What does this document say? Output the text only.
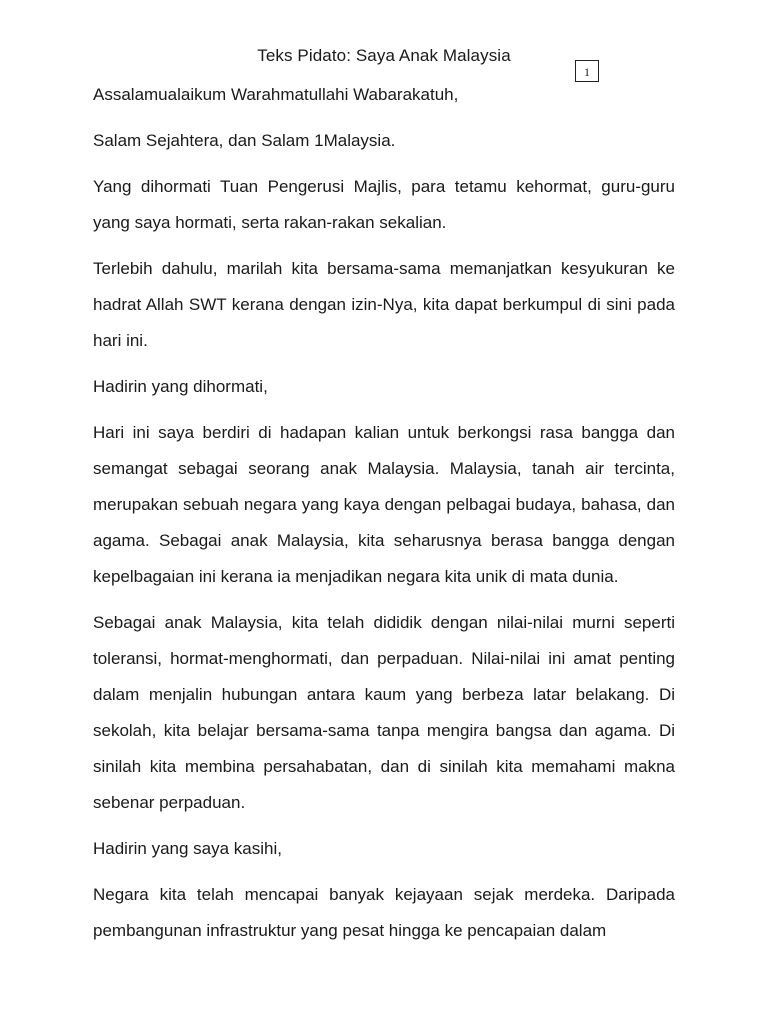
Teks Pidato: Saya Anak Malaysia
1

Assalamualaikum Warahmatullahi Wabarakatuh,

Salam Sejahtera, dan Salam 1Malaysia.

Yang dihormati Tuan Pengerusi Majlis, para tetamu kehormat, guru-guru yang saya hormati, serta rakan-rakan sekalian.

Terlebih dahulu, marilah kita bersama-sama memanjatkan kesyukuran ke hadrat Allah SWT kerana dengan izin-Nya, kita dapat berkumpul di sini pada hari ini.

Hadirin yang dihormati,

Hari ini saya berdiri di hadapan kalian untuk berkongsi rasa bangga dan semangat sebagai seorang anak Malaysia. Malaysia, tanah air tercinta, merupakan sebuah negara yang kaya dengan pelbagai budaya, bahasa, dan agama. Sebagai anak Malaysia, kita seharusnya berasa bangga dengan kepelbagaian ini kerana ia menjadikan negara kita unik di mata dunia.

Sebagai anak Malaysia, kita telah dididik dengan nilai-nilai murni seperti toleransi, hormat-menghormati, dan perpaduan. Nilai-nilai ini amat penting dalam menjalin hubungan antara kaum yang berbeza latar belakang. Di sekolah, kita belajar bersama-sama tanpa mengira bangsa dan agama. Di sinilah kita membina persahabatan, dan di sinilah kita memahami makna sebenar perpaduan.

Hadirin yang saya kasihi,

Negara kita telah mencapai banyak kejayaan sejak merdeka. Daripada pembangunan infrastruktur yang pesat hingga ke pencapaian dalam
